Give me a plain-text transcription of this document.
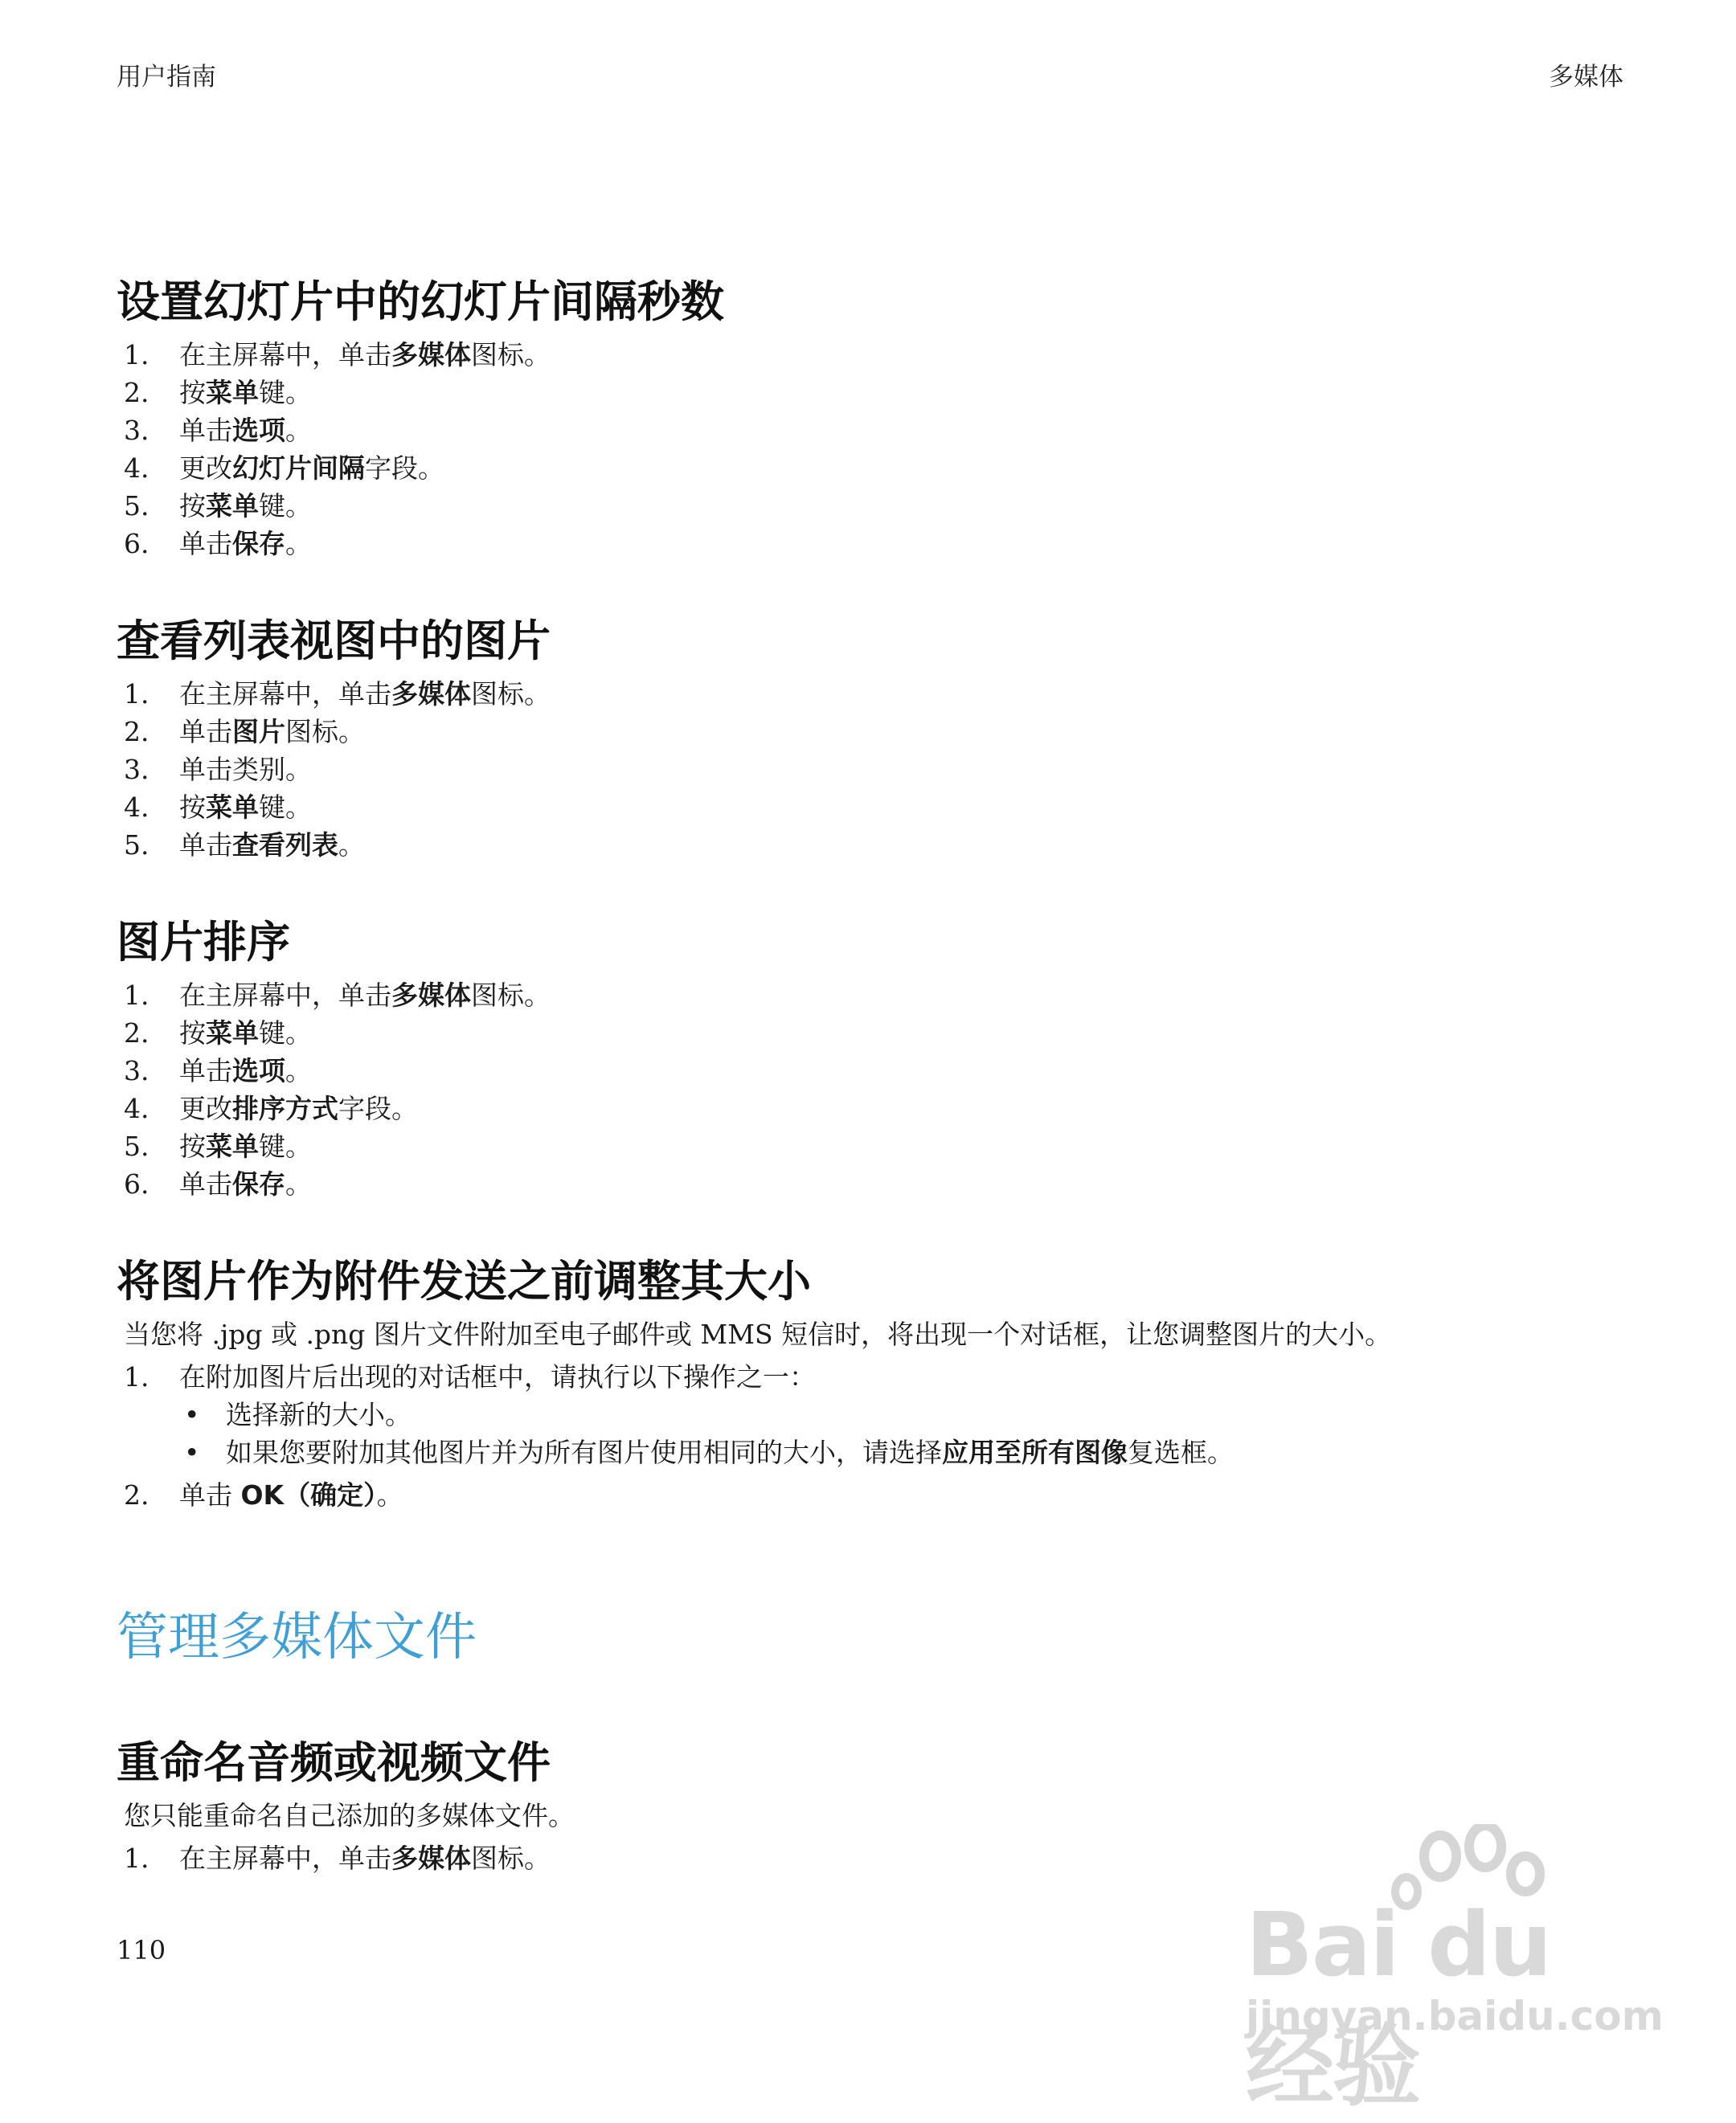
用户指南	多媒体
设置幻灯片中的幻灯片间隔秒数
1. 在主屏幕中，单击多媒体图标。
2. 按菜单键。
3. 单击选项。
4. 更改幻灯片间隔字段。
5. 按菜单键。
6. 单击保存。
查看列表视图中的图片
1. 在主屏幕中，单击多媒体图标。
2. 单击图片图标。
3. 单击类别。
4. 按菜单键。
5. 单击查看列表。
图片排序
1. 在主屏幕中，单击多媒体图标。
2. 按菜单键。
3. 单击选项。
4. 更改排序方式字段。
5. 按菜单键。
6. 单击保存。
将图片作为附件发送之前调整其大小
当您将 .jpg 或 .png 图片文件附加至电子邮件或 MMS 短信时，将出现一个对话框，让您调整图片的大小。
1. 在附加图片后出现的对话框中，请执行以下操作之一：
• 选择新的大小。
• 如果您要附加其他图片并为所有图片使用相同的大小，请选择应用至所有图像复选框。
2. 单击 OK（确定）。
管理多媒体文件
重命名音频或视频文件
您只能重命名自己添加的多媒体文件。
1. 在主屏幕中，单击多媒体图标。
110	Bai du 经验
jingyan.baidu.com
